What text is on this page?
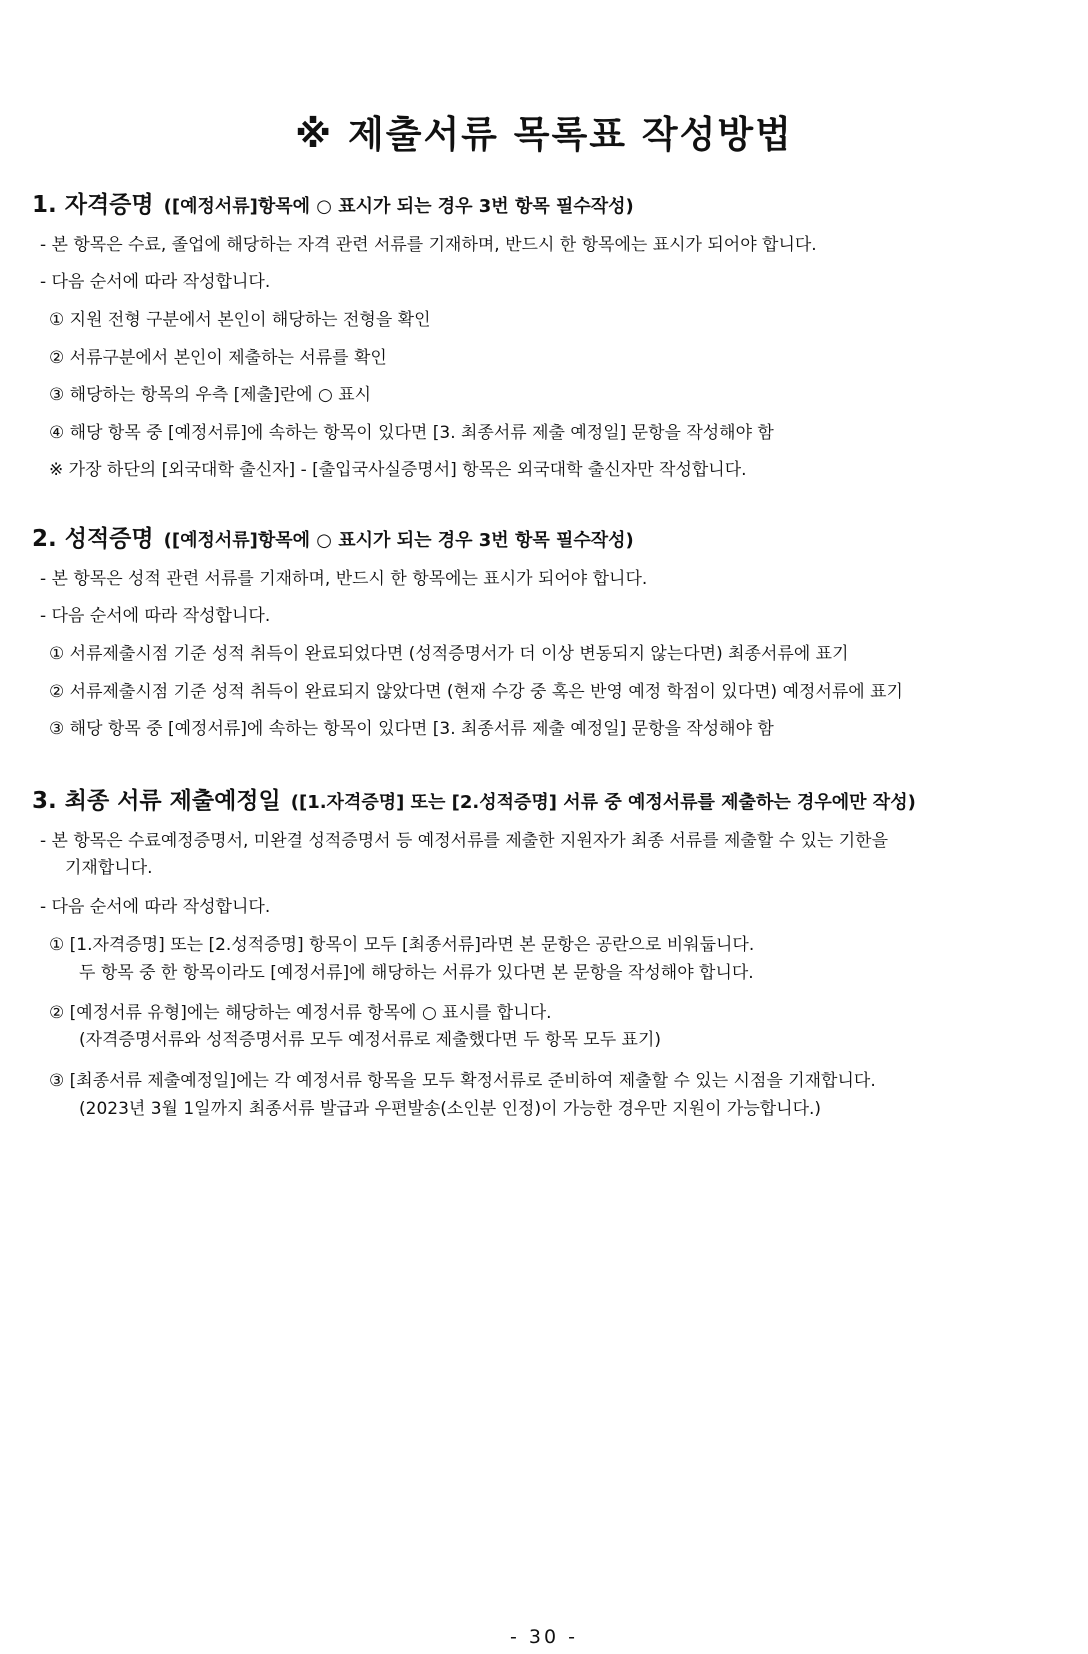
※ 제출서류 목록표 작성방법
1. 자격증명 ([예정서류]항목에 ○ 표시가 되는 경우 3번 항목 필수작성)
- 본 항목은 수료, 졸업에 해당하는 자격 관련 서류를 기재하며, 반드시 한 항목에는 표시가 되어야 합니다.
- 다음 순서에 따라 작성합니다.
① 지원 전형 구분에서 본인이 해당하는 전형을 확인
② 서류구분에서 본인이 제출하는 서류를 확인
③ 해당하는 항목의 우측 [제출]란에 ○ 표시
④ 해당 항목 중 [예정서류]에 속하는 항목이 있다면 [3. 최종서류 제출 예정일] 문항을 작성해야 함
※ 가장 하단의 [외국대학 출신자] - [출입국사실증명서] 항목은 외국대학 출신자만 작성합니다.
2. 성적증명 ([예정서류]항목에 ○ 표시가 되는 경우 3번 항목 필수작성)
- 본 항목은 성적 관련 서류를 기재하며, 반드시 한 항목에는 표시가 되어야 합니다.
- 다음 순서에 따라 작성합니다.
① 서류제출시점 기준 성적 취득이 완료되었다면 (성적증명서가 더 이상 변동되지 않는다면) 최종서류에 표기
② 서류제출시점 기준 성적 취득이 완료되지 않았다면 (현재 수강 중 혹은 반영 예정 학점이 있다면) 예정서류에 표기
③ 해당 항목 중 [예정서류]에 속하는 항목이 있다면 [3. 최종서류 제출 예정일] 문항을 작성해야 함
3. 최종 서류 제출예정일 ([1.자격증명] 또는 [2.성적증명] 서류 중 예정서류를 제출하는 경우에만 작성)
- 본 항목은 수료예정증명서, 미완결 성적증명서 등 예정서류를 제출한 지원자가 최종 서류를 제출할 수 있는 기한을
기재합니다.
- 다음 순서에 따라 작성합니다.
① [1.자격증명] 또는 [2.성적증명] 항목이 모두 [최종서류]라면 본 문항은 공란으로 비워둡니다.
두 항목 중 한 항목이라도 [예정서류]에 해당하는 서류가 있다면 본 문항을 작성해야 합니다.
② [예정서류 유형]에는 해당하는 예정서류 항목에 ○ 표시를 합니다.
(자격증명서류와 성적증명서류 모두 예정서류로 제출했다면 두 항목 모두 표기)
③ [최종서류 제출예정일]에는 각 예정서류 항목을 모두 확정서류로 준비하여 제출할 수 있는 시점을 기재합니다.
(2023년 3월 1일까지 최종서류 발급과 우편발송(소인분 인정)이 가능한 경우만 지원이 가능합니다.)
- 30 -
